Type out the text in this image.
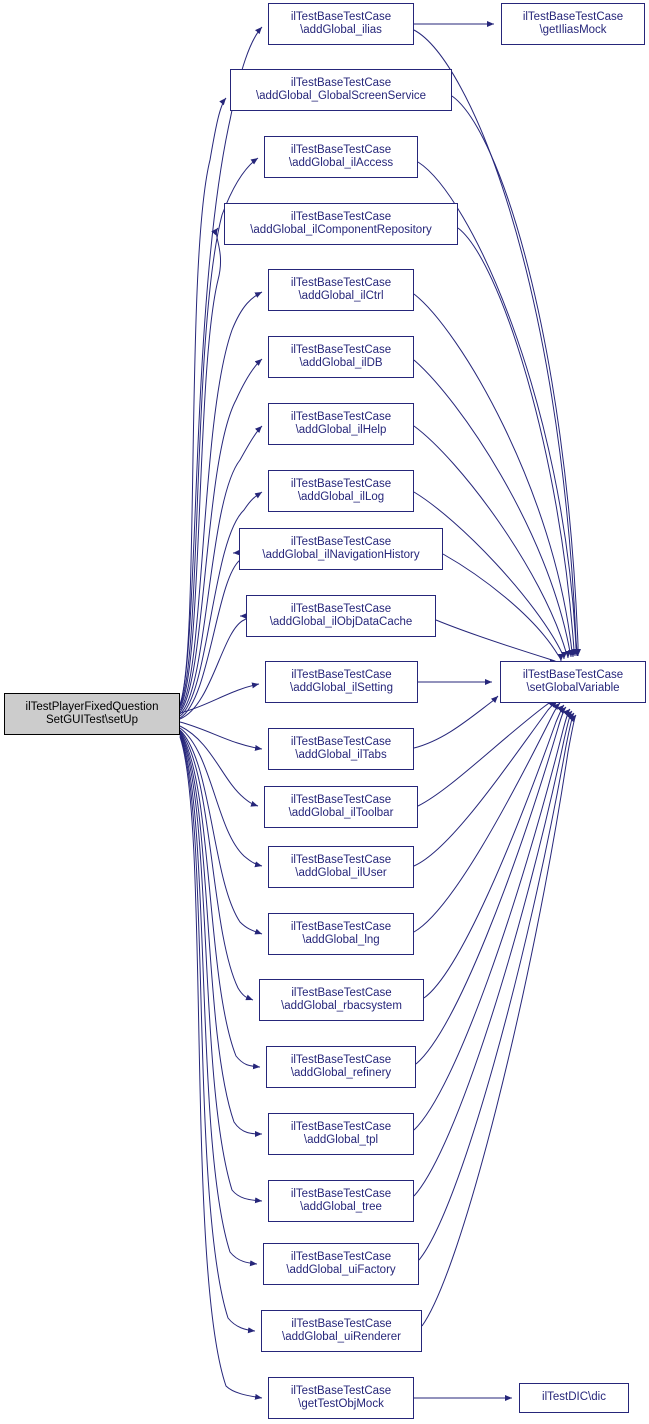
ilTestPlayerFixedQuestion
SetGUITest\setUp
ilTestBaseTestCase
\addGlobal_ilias
ilTestBaseTestCase
\addGlobal_GlobalScreenService
ilTestBaseTestCase
\addGlobal_ilAccess
ilTestBaseTestCase
\addGlobal_ilComponentRepository
ilTestBaseTestCase
\addGlobal_ilCtrl
ilTestBaseTestCase
\addGlobal_ilDB
ilTestBaseTestCase
\addGlobal_ilHelp
ilTestBaseTestCase
\addGlobal_ilLog
ilTestBaseTestCase
\addGlobal_ilNavigationHistory
ilTestBaseTestCase
\addGlobal_ilObjDataCache
ilTestBaseTestCase
\addGlobal_ilSetting
ilTestBaseTestCase
\addGlobal_ilTabs
ilTestBaseTestCase
\addGlobal_ilToolbar
ilTestBaseTestCase
\addGlobal_ilUser
ilTestBaseTestCase
\addGlobal_lng
ilTestBaseTestCase
\addGlobal_rbacsystem
ilTestBaseTestCase
\addGlobal_refinery
ilTestBaseTestCase
\addGlobal_tpl
ilTestBaseTestCase
\addGlobal_tree
ilTestBaseTestCase
\addGlobal_uiFactory
ilTestBaseTestCase
\addGlobal_uiRenderer
ilTestBaseTestCase
\getTestObjMock
ilTestBaseTestCase
\getIliasMock
ilTestBaseTestCase
\setGlobalVariable
ilTestDIC\dic
